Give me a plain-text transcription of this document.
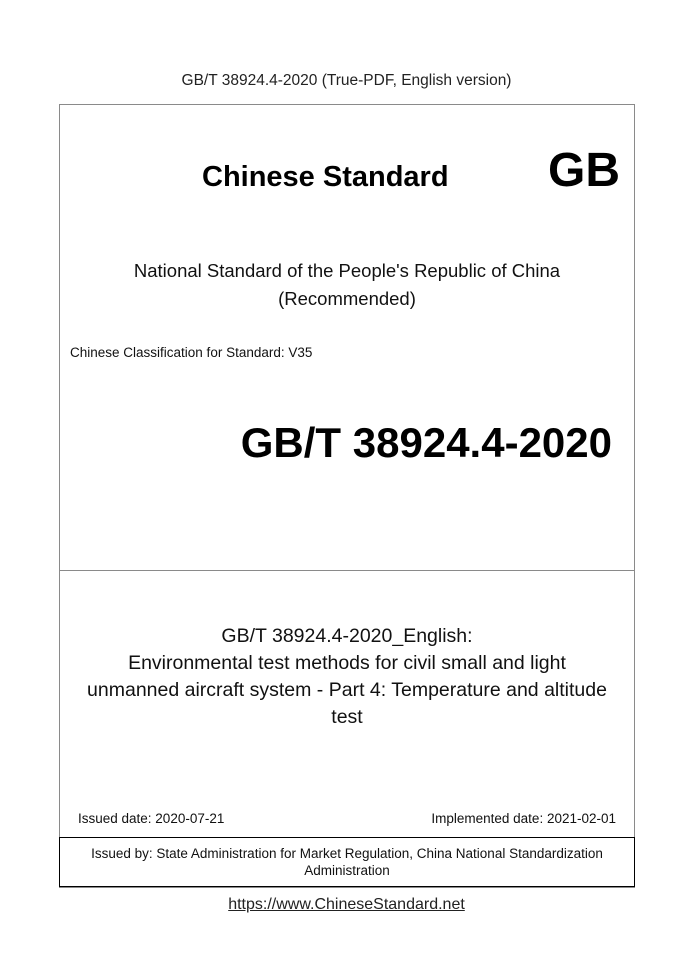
GB/T 38924.4-2020 (True-PDF, English version)
Chinese Standard GB
National Standard of the People's Republic of China
(Recommended)
Chinese Classification for Standard: V35
GB/T 38924.4-2020
GB/T 38924.4-2020_English:
Environmental test methods for civil small and light
unmanned aircraft system - Part 4: Temperature and altitude
test
Issued date: 2020-07-21	Implemented date: 2021-02-01
Issued by: State Administration for Market Regulation, China National Standardization
Administration
https://www.ChineseStandard.net
